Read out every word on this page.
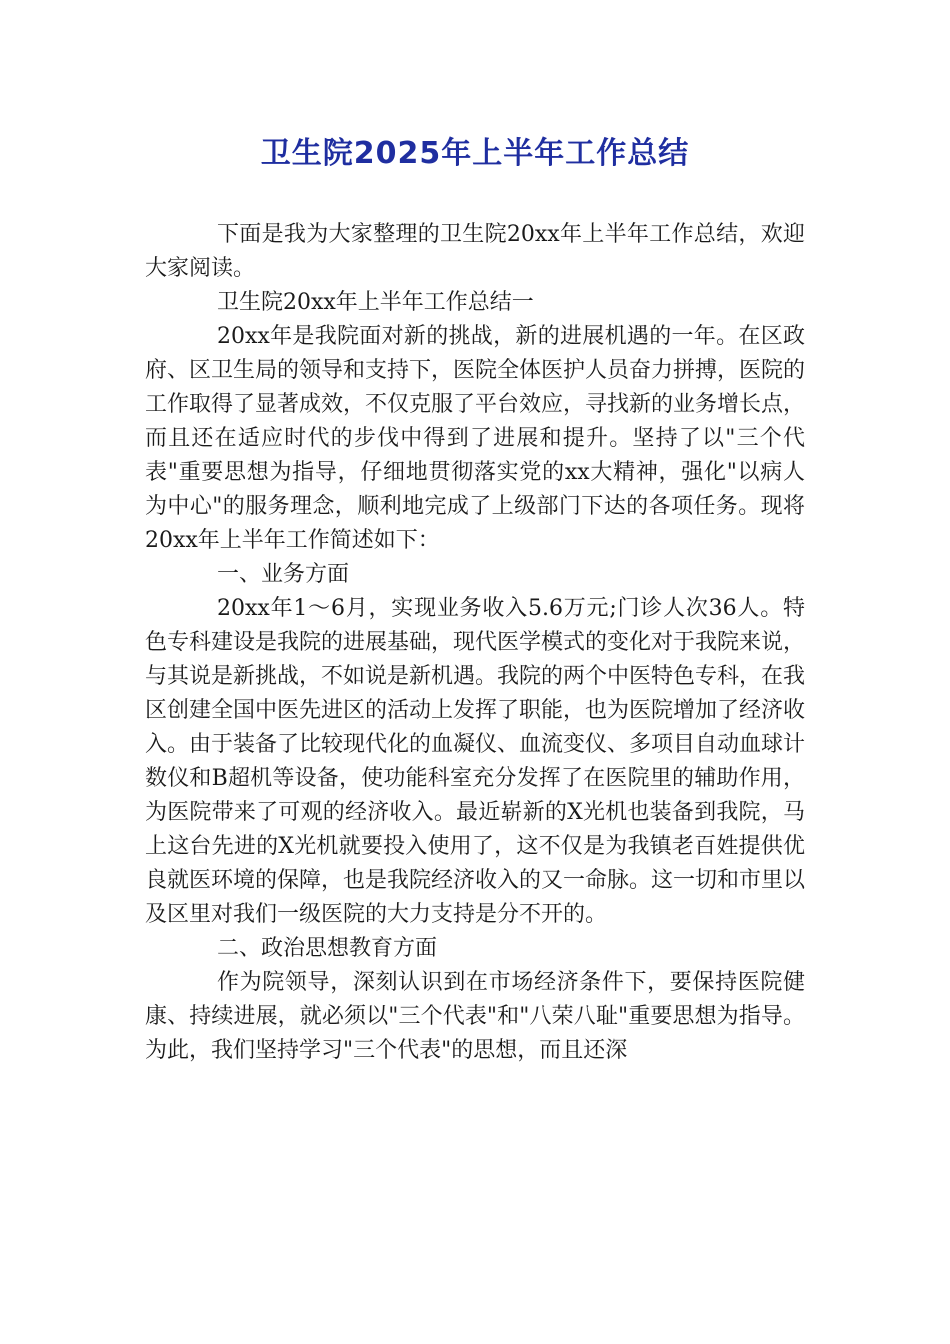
卫生院2025年上半年工作总结

下面是我为大家整理的卫生院20xx年上半年工作总结，欢迎大家阅读。

卫生院20xx年上半年工作总结一

20xx年是我院面对新的挑战，新的进展机遇的一年。在区政府、区卫生局的领导和支持下，医院全体医护人员奋力拼搏，医院的工作取得了显著成效，不仅克服了平台效应，寻找新的业务增长点，而且还在适应时代的步伐中得到了进展和提升。坚持了以"三个代表"重要思想为指导，仔细地贯彻落实党的xx大精神，强化"以病人为中心"的服务理念，顺利地完成了上级部门下达的各项任务。现将20xx年上半年工作简述如下：

一、业务方面

20xx年1～6月，实现业务收入5.6万元;门诊人次36人。特色专科建设是我院的进展基础，现代医学模式的变化对于我院来说，与其说是新挑战，不如说是新机遇。我院的两个中医特色专科，在我区创建全国中医先进区的活动上发挥了职能，也为医院增加了经济收入。由于装备了比较现代化的血凝仪、血流变仪、多项目自动血球计数仪和B超机等设备，使功能科室充分发挥了在医院里的辅助作用，为医院带来了可观的经济收入。最近崭新的X光机也装备到我院，马上这台先进的X光机就要投入使用了，这不仅是为我镇老百姓提供优良就医环境的保障，也是我院经济收入的又一命脉。这一切和市里以及区里对我们一级医院的大力支持是分不开的。

二、政治思想教育方面

作为院领导，深刻认识到在市场经济条件下，要保持医院健康、持续进展，就必须以"三个代表"和"八荣八耻"重要思想为指导。为此，我们坚持学习"三个代表"的思想，而且还深
